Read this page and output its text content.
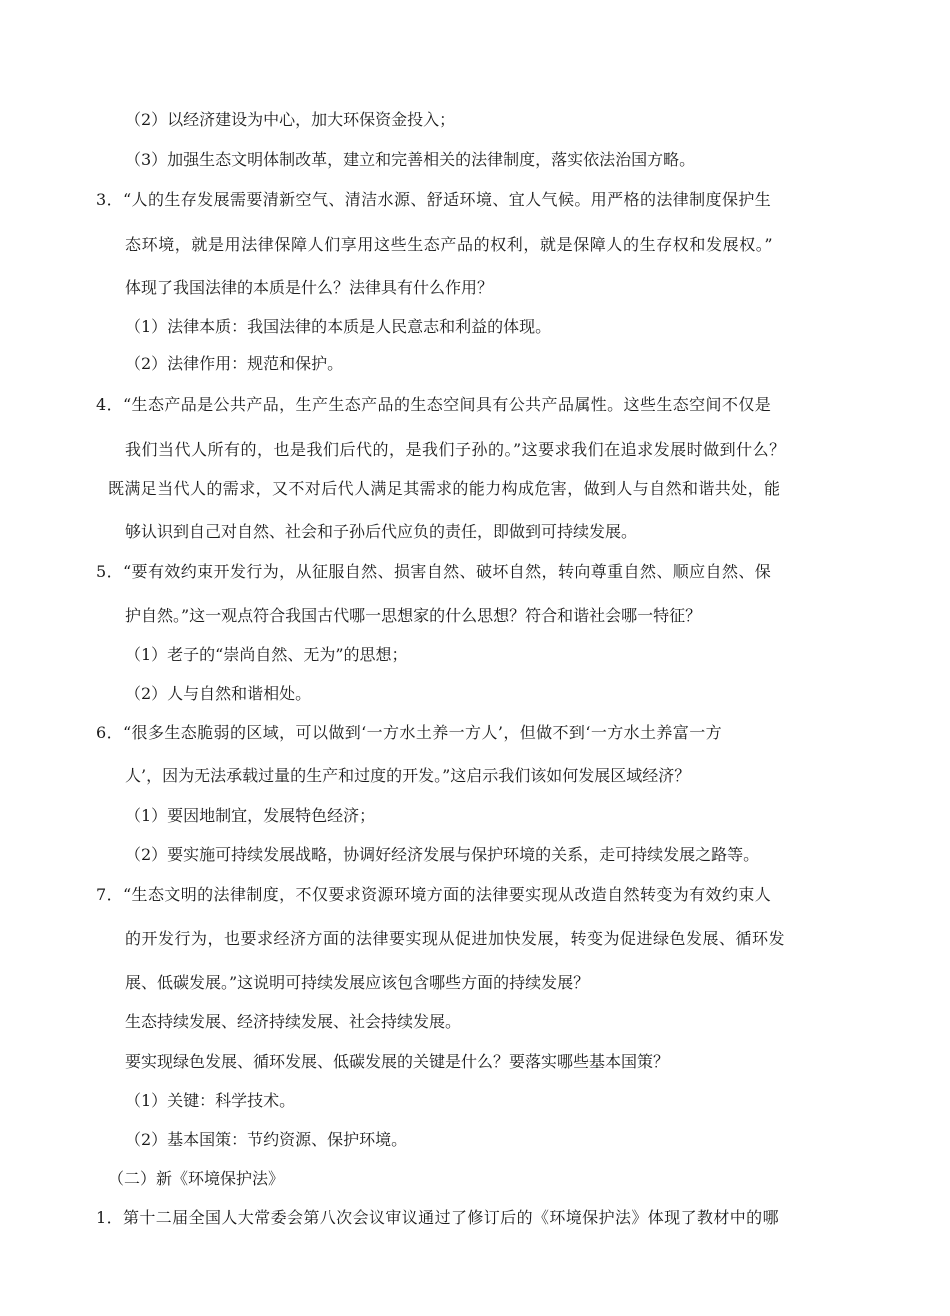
（2）以经济建设为中心，加大环保资金投入；
（3）加强生态文明体制改革，建立和完善相关的法律制度，落实依法治国方略。
3．“人的生存发展需要清新空气、清洁水源、舒适环境、宜人气候。用严格的法律制度保护生
态环境，就是用法律保障人们享用这些生态产品的权利，就是保障人的生存权和发展权。”
体现了我国法律的本质是什么？法律具有什么作用？
（1）法律本质：我国法律的本质是人民意志和利益的体现。
（2）法律作用：规范和保护。
4．“生态产品是公共产品，生产生态产品的生态空间具有公共产品属性。这些生态空间不仅是
我们当代人所有的，也是我们后代的，是我们子孙的。”这要求我们在追求发展时做到什么？
既满足当代人的需求，又不对后代人满足其需求的能力构成危害，做到人与自然和谐共处，能
够认识到自己对自然、社会和子孙后代应负的责任，即做到可持续发展。
5．“要有效约束开发行为，从征服自然、损害自然、破坏自然，转向尊重自然、顺应自然、保
护自然。”这一观点符合我国古代哪一思想家的什么思想？符合和谐社会哪一特征？
（1）老子的“崇尚自然、无为”的思想；
（2）人与自然和谐相处。
6．“很多生态脆弱的区域，可以做到‘一方水土养一方人’，但做不到‘一方水土养富一方
人’，因为无法承载过量的生产和过度的开发。”这启示我们该如何发展区域经济？
（1）要因地制宜，发展特色经济；
（2）要实施可持续发展战略，协调好经济发展与保护环境的关系，走可持续发展之路等。
7．“生态文明的法律制度，不仅要求资源环境方面的法律要实现从改造自然转变为有效约束人
的开发行为，也要求经济方面的法律要实现从促进加快发展，转变为促进绿色发展、循环发
展、低碳发展。”这说明可持续发展应该包含哪些方面的持续发展？
生态持续发展、经济持续发展、社会持续发展。
要实现绿色发展、循环发展、低碳发展的关键是什么？要落实哪些基本国策？
（1）关键：科学技术。
（2）基本国策：节约资源、保护环境。
（二）新《环境保护法》
1．第十二届全国人大常委会第八次会议审议通过了修订后的《环境保护法》体现了教材中的哪
